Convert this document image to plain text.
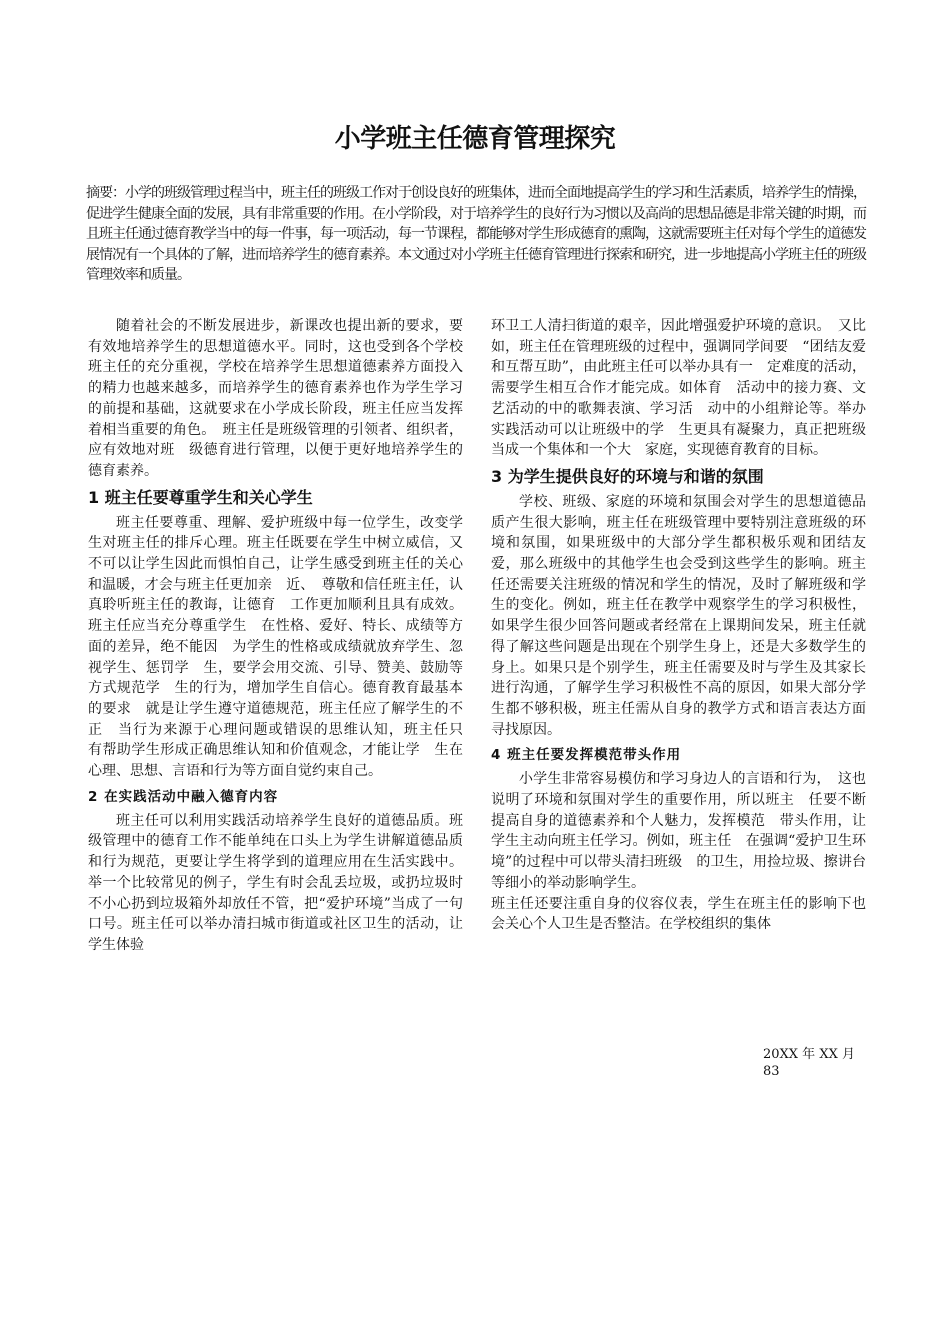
小学班主任德育管理探究
摘要：小学的班级管理过程当中，班主任的班级工作对于创设良好的班集体，进而全面地提高学生的学习和生活素质，培养学生的情操，促进学生健康全面的发展，具有非常重要的作用。在小学阶段，对于培养学生的良好行为习惯以及高尚的思想品德是非常关键的时期，而且班主任通过德育教学当中的每一件事，每一项活动，每一节课程，都能够对学生形成德育的熏陶，这就需要班主任对每个学生的道德发展情况有一个具体的了解，进而培养学生的德育素养。本文通过对小学班主任德育管理进行探索和研究，进一步地提高小学班主任的班级管理效率和质量。

随着社会的不断发展进步，新课改也提出新的要求，要有效地培养学生的思想道德水平。同时，这也受到各个学校班主任的充分重视，学校在培养学生思想道德素养方面投入的精力也越来越多，而培养学生的德育素养也作为学生学习的前提和基础，这就要求在小学成长阶段，班主任应当发挥着相当重要的角色。　班主任是班级管理的引领者、组织者，应有效地对班　级德育进行管理，以便于更好地培养学生的德育素养。

1 班主任要尊重学生和关心学生

班主任要尊重、理解、爱护班级中每一位学生，改变学生对班主任的排斥心理。班主任既要在学生中树立威信，又不可以让学生因此而惧怕自己，让学生感受到班主任的关心和温暖，才会与班主任更加亲　近、　尊敬和信任班主任，认真聆听班主任的教诲，让德育　工作更加顺利且具有成效。班主任应当充分尊重学生　在性格、爱好、特长、成绩等方面的差异，绝不能因　为学生的性格或成绩就放弃学生、忽视学生、惩罚学　生，要学会用交流、引导、赞美、鼓励等方式规范学　生的行为，增加学生自信心。德育教育最基本的要求　就是让学生遵守道德规范，班主任应了解学生的不正　当行为来源于心理问题或错误的思维认知，班主任只　有帮助学生形成正确思维认知和价值观念，才能让学　生在心理、思想、言语和行为等方面自觉约束自己。

2 在实践活动中融入德育内容

班主任可以利用实践活动培养学生良好的道德品质。班级管理中的德育工作不能单纯在口头上为学生讲解道德品质和行为规范，更要让学生将学到的道理应用在生活实践中。举一个比较常见的例子，学生有时会乱丢垃圾，或扔垃圾时不小心扔到垃圾箱外却放任不管，把“爱护环境”当成了一句口号。班主任可以举办清扫城市街道或社区卫生的活动，让学生体验

环卫工人清扫街道的艰辛，因此增强爱护环境的意识。　又比如，班主任在管理班级的过程中，强调同学间要　“团结友爱和互帮互助”，由此班主任可以举办具有一　定难度的活动，需要学生相互合作才能完成。如体育　活动中的接力赛、文艺活动的中的歌舞表演、学习活　动中的小组辩论等。举办实践活动可以让班级中的学　生更具有凝聚力，真正把班级当成一个集体和一个大　家庭，实现德育教育的目标。

3 为学生提供良好的环境与和谐的氛围

学校、班级、家庭的环境和氛围会对学生的思想道德品质产生很大影响，班主任在班级管理中要特别注意班级的环境和氛围，如果班级中的大部分学生都积极乐观和团结友爱，那么班级中的其他学生也会受到这些学生的影响。班主任还需要关注班级的情况和学生的情况，及时了解班级和学生的变化。例如，班主任在教学中观察学生的学习积极性，如果学生很少回答问题或者经常在上课期间发呆，班主任就得了解这些问题是出现在个别学生身上，还是大多数学生的身上。如果只是个别学生，班主任需要及时与学生及其家长进行沟通，了解学生学习积极性不高的原因，如果大部分学生都不够积极，班主任需从自身的教学方式和语言表达方面寻找原因。

4 班主任要发挥模范带头作用

小学生非常容易模仿和学习身边人的言语和行为，　这也说明了环境和氛围对学生的重要作用，所以班主　任要不断提高自身的道德素养和个人魅力，发挥模范　带头作用，让学生主动向班主任学习。例如，班主任　在强调“爱护卫生环境”的过程中可以带头清扫班级　的卫生，用捡垃圾、擦讲台等细小的举动影响学生。

班主任还要注重自身的仪容仪表，学生在班主任的影响下也会关心个人卫生是否整洁。在学校组织的集体

20XX 年 XX 月
83
